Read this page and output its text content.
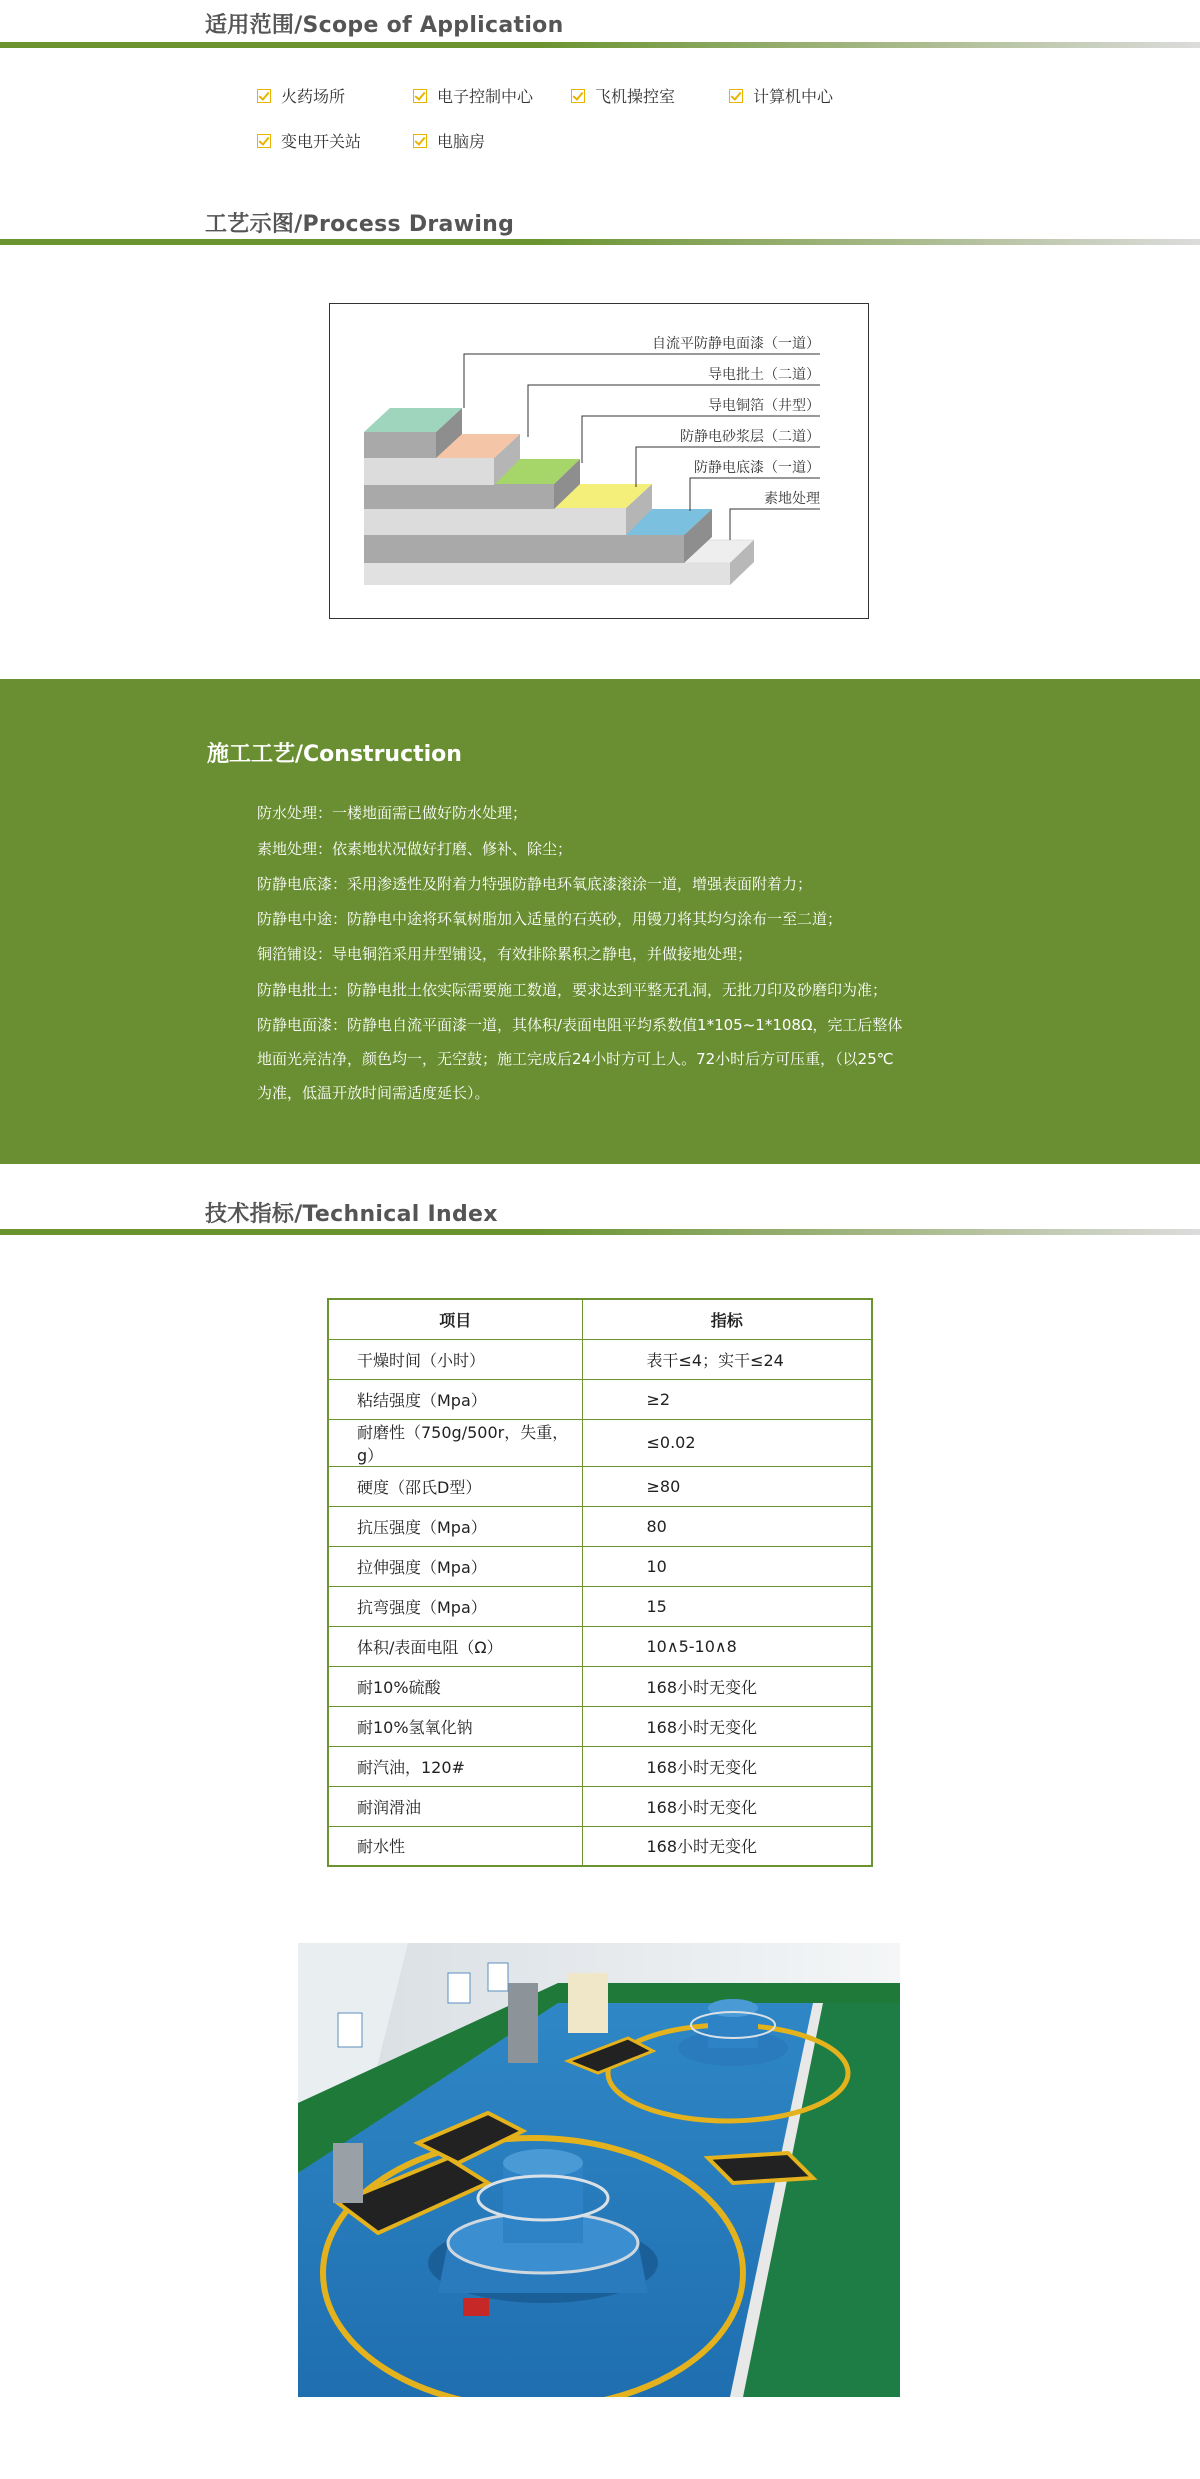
适用范围/Scope of Application
火药场所	电子控制中心	飞机操控室	计算机中心
变电开关站	电脑房
工艺示图/Process Drawing
自流平防静电面漆（一道）
导电批土（二道）
导电铜箔（井型）
防静电砂浆层（二道）
防静电底漆（一道）
素地处理
施工工艺/Construction
防水处理：一楼地面需已做好防水处理；
素地处理：依素地状况做好打磨、修补、除尘；
防静电底漆：采用渗透性及附着力特强防静电环氧底漆滚涂一道，增强表面附着力；
防静电中途：防静电中途将环氧树脂加入适量的石英砂，用镘刀将其均匀涂布一至二道；
铜箔铺设：导电铜箔采用井型铺设，有效排除累积之静电，并做接地处理；
防静电批土：防静电批土依实际需要施工数道，要求达到平整无孔洞，无批刀印及砂磨印为准；
防静电面漆：防静电自流平面漆一道，其体积/表面电阻平均系数值1*105~1*108Ω，完工后整体
地面光亮洁净，颜色均一，无空鼓；施工完成后24小时方可上人。72小时后方可压重，（以25℃
为准，低温开放时间需适度延长）。
技术指标/Technical Index
项目	指标
干燥时间（小时）	表干≤4；实干≤24
粘结强度（Mpa）	≥2
耐磨性（750g/500r，失重，g）	≤0.02
硬度（邵氏D型）	≥80
抗压强度（Mpa）	80
拉伸强度（Mpa）	10
抗弯强度（Mpa）	15
体积/表面电阻（Ω）	10∧5-10∧8
耐10%硫酸	168小时无变化
耐10%氢氧化钠	168小时无变化
耐汽油，120#	168小时无变化
耐润滑油	168小时无变化
耐水性	168小时无变化
